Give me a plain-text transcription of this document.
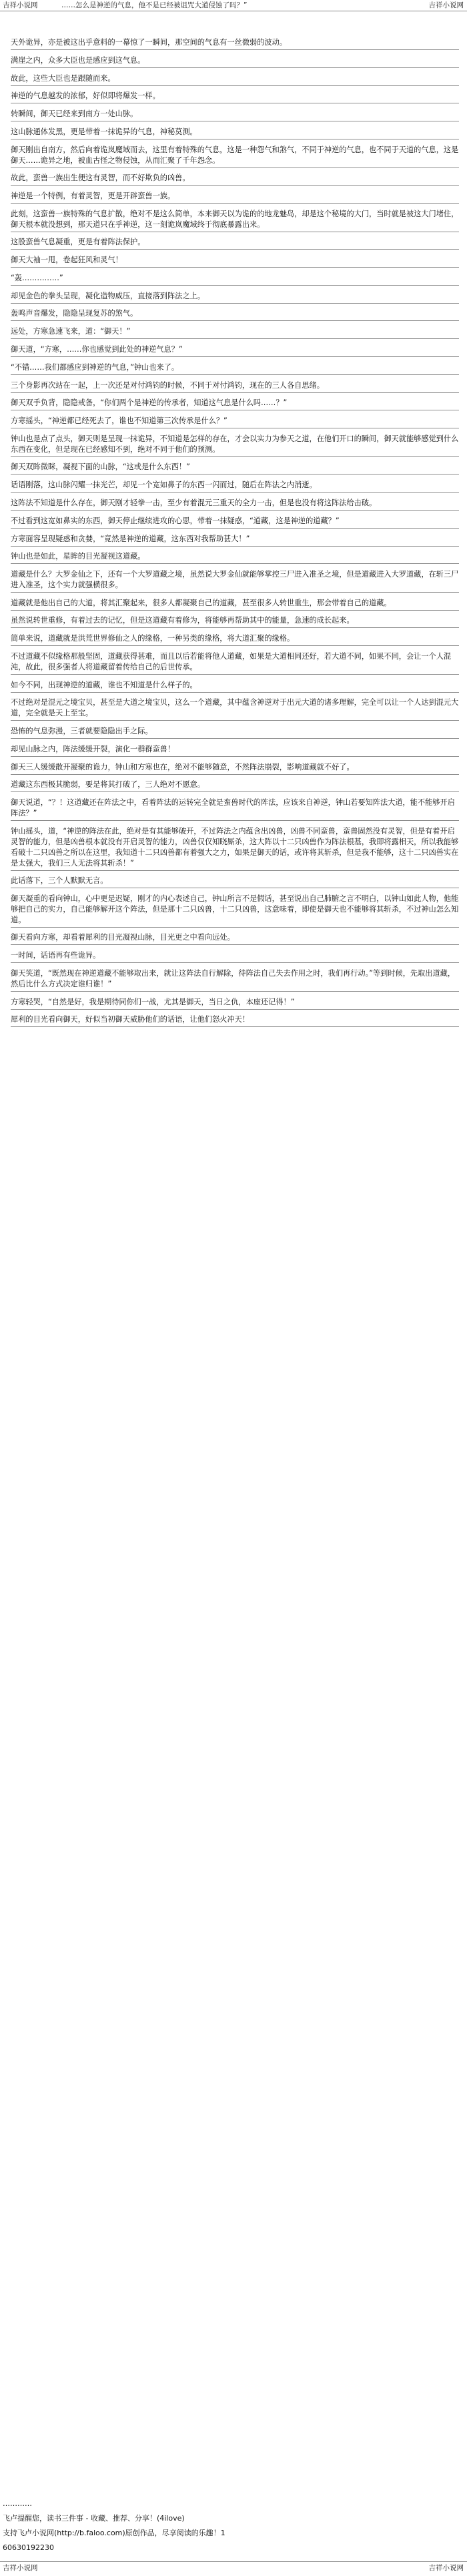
吉祥小说网	……怎么是神逆的气息，他不是已经被诅咒大道侵蚀了吗？”	吉祥小说网

天外诡异，亦是被这出乎意料的一幕惊了一瞬间，那空间的气息有一丝微弱的波动。

满崖之内，众多大臣也是感应到这气息。

故此，这些大臣也是跟随而来。

神逆的气息越发的浓郁，好似即将爆发一样。

转瞬间，御天已经来到南方一处山脉。

这山脉通体发黑，更是带着一抹诡异的气息，神秘莫测。

御天刚出自南方，然后向着诡岚魔域而去，这里有着特殊的气息，这是一种怨气和煞气，不同于神逆的气息，也不同于天道的气息，这是御天……诡异之地，被血古怪之物侵蚀，从而汇聚了千年怨念。

故此，蛮兽一族出生便这有灵智，而不好欺负的凶兽。

神逆是一个特例，有着灵智，更是开辟蛮兽一族。

此刻，这蛮兽一族特殊的气息扩散，绝对不是这么简单，本来御天以为诡的的地龙魅岛，却是这个秘境的大门，当时就是被这大门堵住，御天根本就没想到，那天道只在乎神逆，这一刻诡岚魔域终于彻底暴露出来。

这股蛮兽气息凝重，更是有着阵法保护。

御天大袖一甩，卷起狂风和灵气！

“轰……………”

却见金色的拳头呈现，凝化造物威压，直接落到阵法之上。

轰鸣声音爆发，隐隐呈现复苏的煞气。

远处，方寒急速飞来，道：“御天！”

御天道，“方寒，……你也感觉到此处的神逆气息？”

“不错……我们都感应到神逆的气息，”钟山也来了。

三个身影再次站在一起，上一次还是对付鸿钧的时候，不同于对付鸿钧，现在的三人各自思绪。

御天双手负背，隐隐戒备，“你们两个是神逆的传承者，知道这气息是什么吗……？”

方寒摇头，“神逆都已经死去了，谁也不知道第三次传承是什么？”

钟山也是点了点头，御天则是呈现一抹诡异，不知道是怎样的存在，才会以实力为参天之道，在他们开口的瞬间，御天就能够感觉到什么东西在变化，但是现在已经感知不到，绝对不同于他们的预测。

御天双眸微眯，凝视下面的山脉，“这或是什么东西！”

话语刚落，这山脉闪耀一抹光芒，却见一个宽如鼻子的东西一闪而过，随后在阵法之内消逝。

这阵法不知道是什么存在，御天刚才轻拳一击，至少有着混元三重天的全力一击，但是也没有将这阵法给击破。

不过看到这宽如鼻实的东西，御天停止继续进攻的心思，带着一抹疑惑，“道藏，这是神逆的道藏？”

方寒面容呈现疑惑和贪婪，“竟然是神逆的道藏，这东西对我帮助甚大！”

钟山也是如此，星眸的目光凝视这道藏。

道藏是什么？大罗金仙之下，还有一个大罗道藏之境，虽然说大罗金仙就能够掌控三尸进入准圣之境，但是道藏进入大罗道藏，在斩三尸进入准圣，这个实力就强横很多。

道藏就是他出自己的大道，将其汇聚起来，很多人都凝聚自己的道藏，甚至很多人转世重生，那会带着自己的道藏。

虽然说转世重修，有着过去的记忆，但是这道藏有着修为，将能够再帮助其中的能量，急速的成长起来。

简单来说，道藏就是洪荒世界修仙之人的缘格，一种另类的缘格，将大道汇聚的缘格。

不过道藏不似缘格那般坚固，道藏获得甚难，而且以后若能将他人道藏，如果是大道相同还好，若大道不同，如果不同，会让一个人混沌，故此，很多强者人将道藏留着传给自己的后世传承。

如今不同，出现神逆的道藏，谁也不知道是什么样子的。

不过绝对是混元之境宝贝，甚至是大道之境宝贝，这么一个道藏，其中蕴含神逆对于出元大道的诸多理解，完全可以让一个人达到混元大道，完全就是天上至宝。

恐怖的气息弥漫，三者就要隐隐出手之际。

却见山脉之内，阵法缓缓开裂，演化一群群蛮兽！

御天三人缓缓散开凝聚的诡力，钟山和方寒也在，绝对不能够随意，不然阵法崩裂，影响道藏就不好了。

道藏这东西极其脆弱，要是将其打破了，三人绝对不愿意。

御天说道，“？！这道藏还在阵法之中，看着阵法的运转完全就是蛮兽时代的阵法，应该来自神逆，钟山若要知阵法大道，能不能够开启阵法？”

钟山摇头，道，“神逆的阵法在此，绝对是有其能够破开，不过阵法之内蕴含出凶兽，凶兽不同蛮兽，蛮兽固然没有灵智，但是有着开启灵智的能力，但是凶兽根本就没有开启灵智的能力，凶兽仅仅知晓厮杀，这大阵以十二只凶兽作为阵法根基，我即将露相天，所以我能够看破十二只凶兽之所以在这里，我知道十二只凶兽都有着强大之力，如果是御天的话，或许将其斩杀，但是我不能够，这十二只凶兽实在是太强大，我们三人无法将其斩杀！”

此话落下，三个人默默无言。

御天凝重的看向钟山，心中更是迟疑，刚才的内心表述自己，钟山所言不是假话，甚至说出自己肺腑之言不明白，以钟山如此人物，他能够把自己的实力，自己能够解开这个阵法，但是那十二只凶兽，十二只凶兽，这意味着，即使是御天也不能够将其斩杀，不过神山怎么知道。

御天看向方寒，却看着犀利的目光凝视山脉，目光更之中看向远处。

一时间，话语再有些诡异。

御天笑道，“既然现在神逆道藏不能够取出来，就让这阵法自行解除，待阵法自己失去作用之时，我们再行动。”等到时候，先取出道藏，然后比什么方式决定谁归谁！”

方寒轻哭，“自然是好，我是期待同你们一战，尤其是御天，当日之仇，本座还记得！”

犀利的目光看向御天，好似当初御天威胁他们的话语，让他们怒火冲天！

…………
飞卢提醒您，读书三件事 - 收藏、推荐、分享！(4ilove)
支持飞卢小说网(http://b.faloo.com)原创作品，尽享阅读的乐趣！1
60630192230
吉祥小说网	吉祥小说网
